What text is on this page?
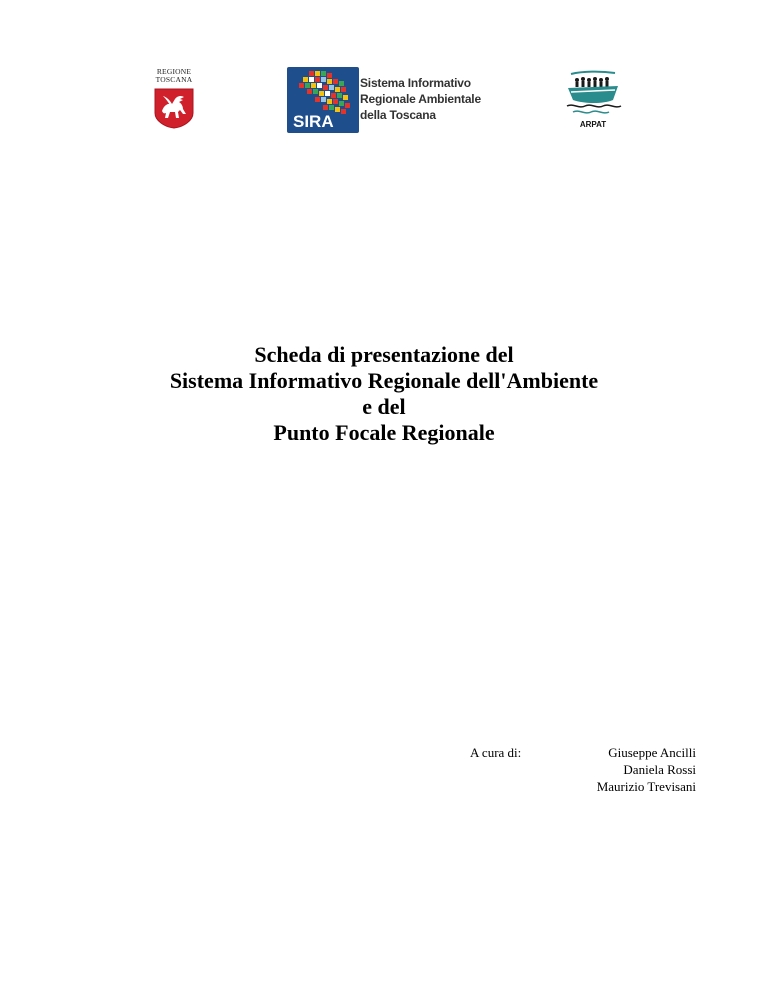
REGIONE
TOSCANA
SIRA
Sistema Informativo
Regionale Ambientale
della Toscana
ARPAT
Scheda di presentazione del
Sistema Informativo Regionale dell'Ambiente
e del
Punto Focale Regionale
A cura di:	Giuseppe Ancilli
Daniela Rossi
Maurizio Trevisani
